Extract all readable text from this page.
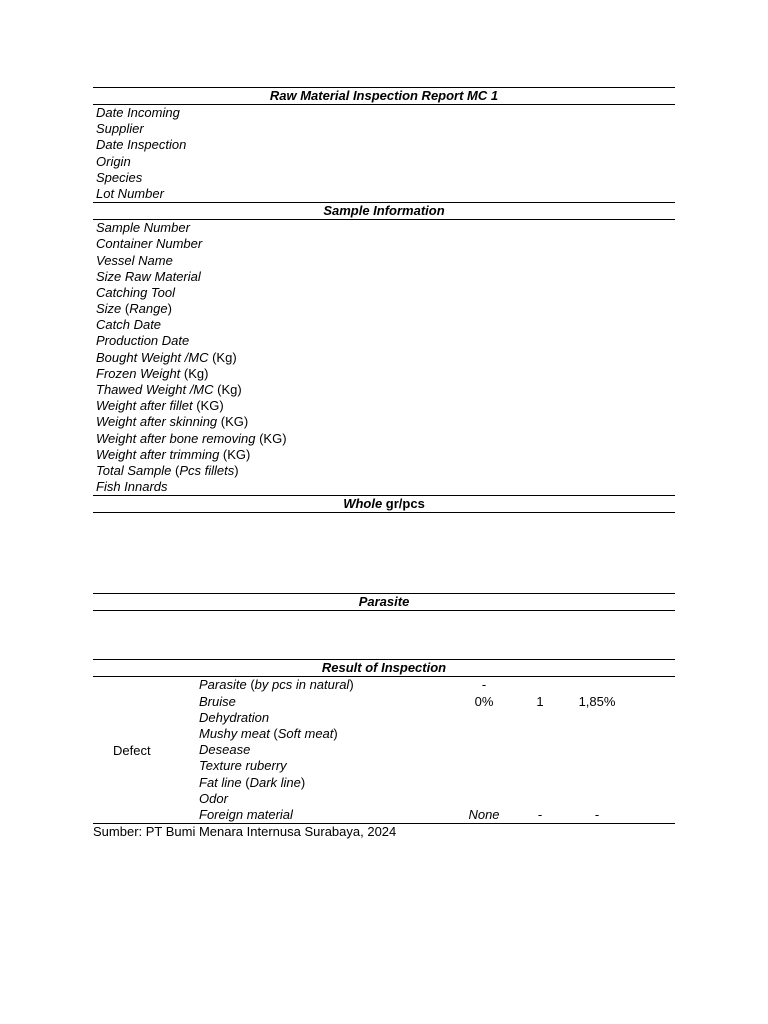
Raw Material Inspection Report MC 1
Date Incoming
Supplier
Date Inspection
Origin
Species
Lot Number
Sample Information
Sample Number
Container Number
Vessel Name
Size Raw Material
Catching Tool
Size (Range)
Catch Date
Production Date
Bought Weight /MC (Kg)
Frozen Weight (Kg)
Thawed Weight /MC (Kg)
Weight after fillet (KG)
Weight after skinning (KG)
Weight after bone removing (KG)
Weight after trimming (KG)
Total Sample (Pcs fillets)
Fish Innards
Whole gr/pcs
Parasite
Result of Inspection
Defect
Parasite (by pcs in natural)	-
Bruise	0%	1	1,85%
Dehydration
Mushy meat (Soft meat)
Desease
Texture ruberry
Fat line (Dark line)
Odor
Foreign material	None	-	-
Sumber: PT Bumi Menara Internusa Surabaya, 2024
